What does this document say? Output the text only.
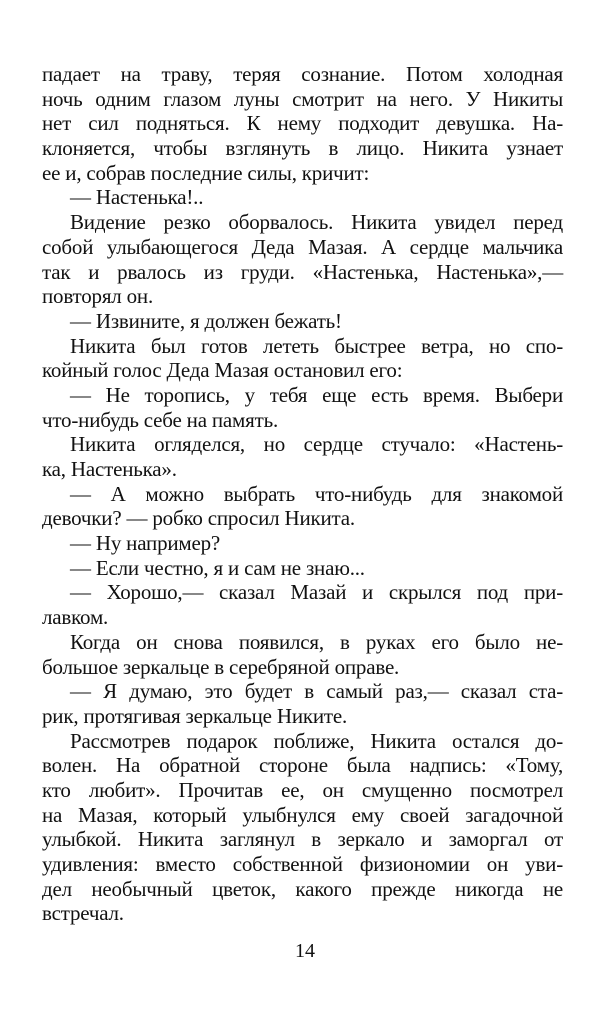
падает на траву, теряя сознание. Потом холодная
ночь одним глазом луны смотрит на него. У Никиты
нет сил подняться. К нему подходит девушка. На-
клоняется, чтобы взглянуть в лицо. Никита узнает
ее и, собрав последние силы, кричит:
— Настенька!..
Видение резко оборвалось. Никита увидел перед
собой улыбающегося Деда Мазая. А сердце мальчика
так и рвалось из груди. «Настенька, Настенька»,—
повторял он.
— Извините, я должен бежать!
Никита был готов лететь быстрее ветра, но спо-
койный голос Деда Мазая остановил его:
— Не торопись, у тебя еще есть время. Выбери
что-нибудь себе на память.
Никита огляделся, но сердце стучало: «Настень-
ка, Настенька».
— А можно выбрать что-нибудь для знакомой
девочки? — робко спросил Никита.
— Ну например?
— Если честно, я и сам не знаю...
— Хорошо,— сказал Мазай и скрылся под при-
лавком.
Когда он снова появился, в руках его было не-
большое зеркальце в серебряной оправе.
— Я думаю, это будет в самый раз,— сказал ста-
рик, протягивая зеркальце Никите.
Рассмотрев подарок поближе, Никита остался до-
волен. На обратной стороне была надпись: «Тому,
кто любит». Прочитав ее, он смущенно посмотрел
на Мазая, который улыбнулся ему своей загадочной
улыбкой. Никита заглянул в зеркало и заморгал от
удивления: вместо собственной физиономии он уви-
дел необычный цветок, какого прежде никогда не
встречал.
14
